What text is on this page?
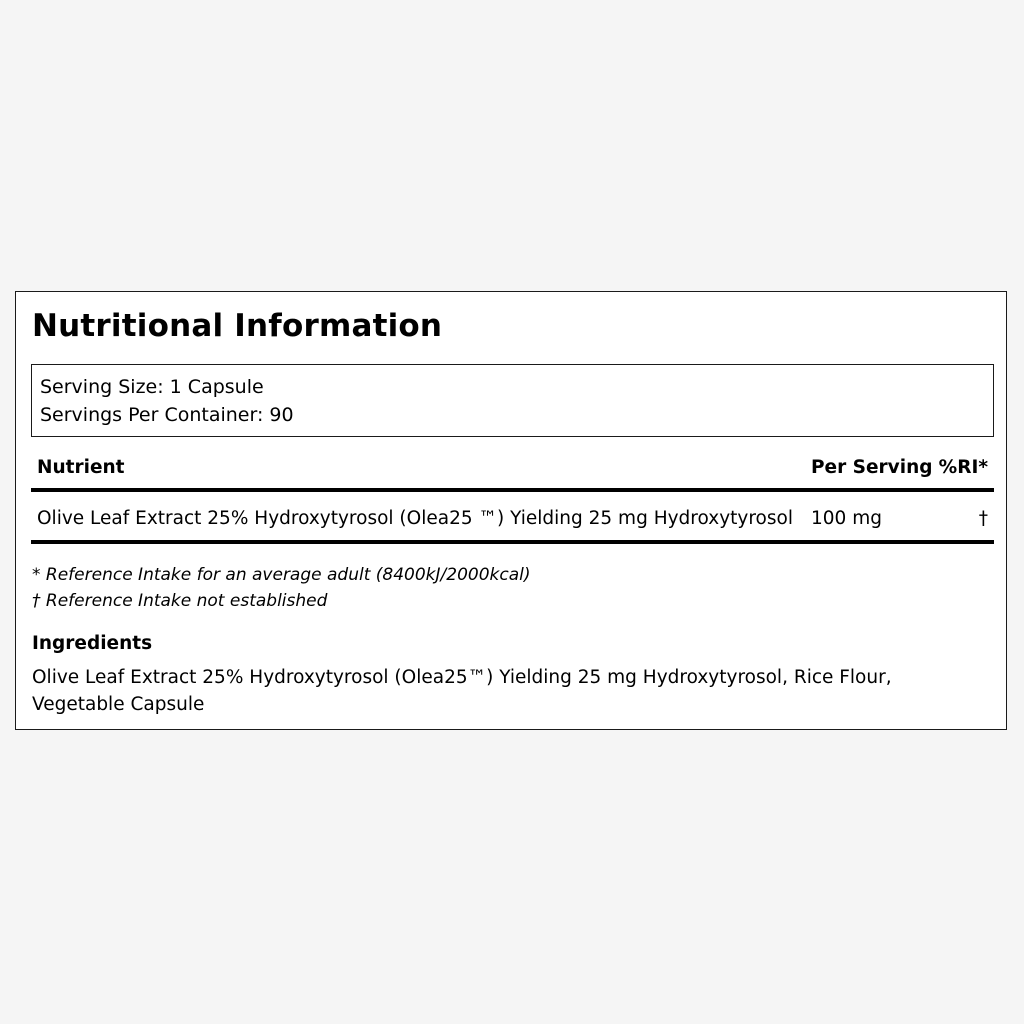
Nutritional Information
Serving Size: 1 Capsule
Servings Per Container: 90
Nutrient	Per Serving %RI*
Olive Leaf Extract 25% Hydroxytyrosol (Olea25 ™) Yielding 25 mg Hydroxytyrosol 100 mg	†
* Reference Intake for an average adult (8400kJ/2000kcal)
† Reference Intake not established
Ingredients
Olive Leaf Extract 25% Hydroxytyrosol (Olea25™) Yielding 25 mg Hydroxytyrosol, Rice Flour, Vegetable Capsule
